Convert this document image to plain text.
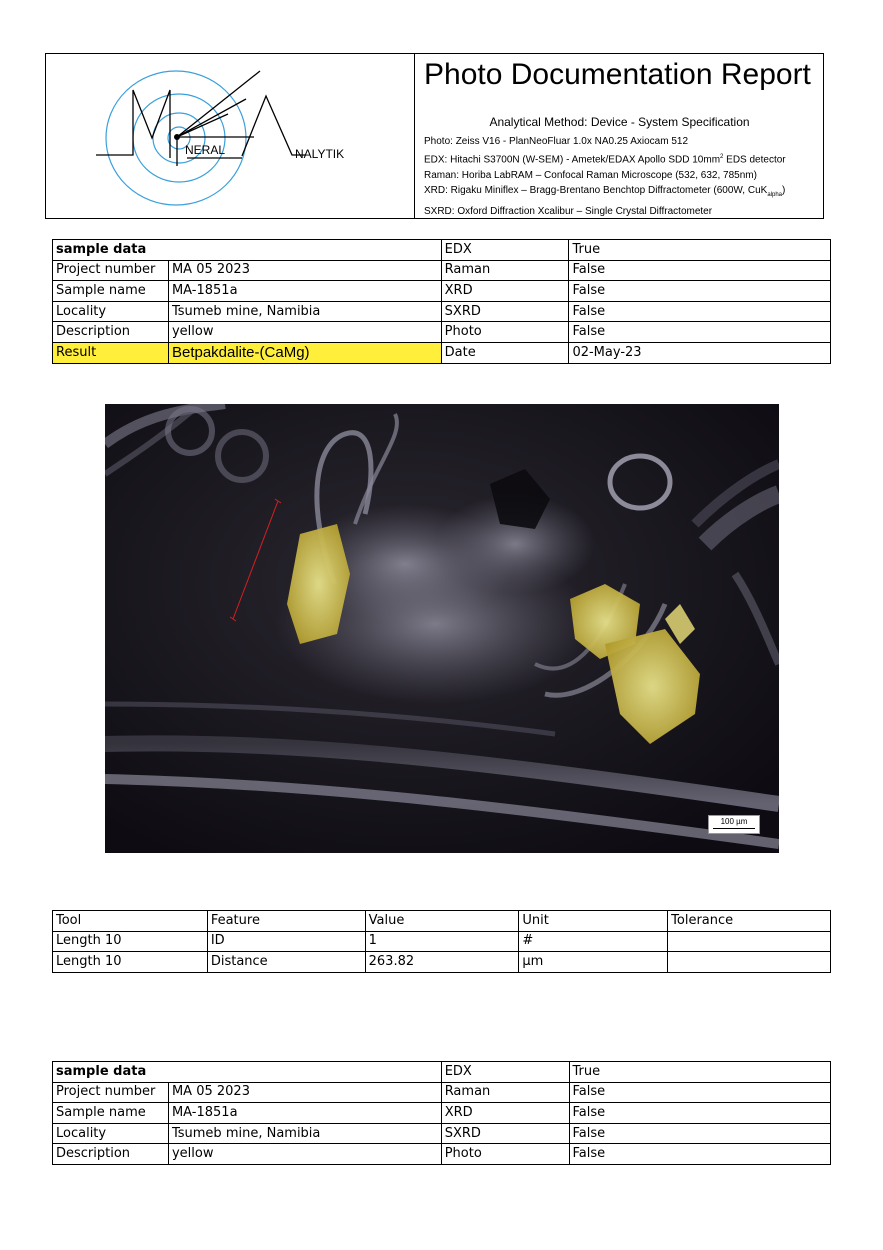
NERAL	NALYTIK
Photo Documentation Report
Analytical Method: Device - System Specification
Photo: Zeiss V16 - PlanNeoFluar 1.0x NA0.25 Axiocam 512
EDX: Hitachi S3700N (W-SEM) - Ametek/EDAX Apollo SDD $10mm^2$ EDS detector
Raman: Horiba LabRAM – Confocal Raman Microscope (532, 632, 785nm)
XRD: Rigaku Miniflex – Bragg-Brentano Benchtop Diffractometer (600W, CuK$_{alpha}$)
SXRD: Oxford Diffraction Xcalibur – Single Crystal Diffractometer
sample data		EDX	True
Project number	MA 05 2023	Raman	False
Sample name	MA-1851a	XRD	False
Locality	Tsumeb mine, Namibia	SXRD	False
Description	yellow	Photo	False
Result	Betpakdalite-(CaMg)	Date	02-May-23
100 µm
Tool	Feature	Value	Unit	Tolerance
Length 10	ID	1	#	
Length 10	Distance	263.82	µm	
sample data		EDX	True
Project number	MA 05 2023	Raman	False
Sample name	MA-1851a	XRD	False
Locality	Tsumeb mine, Namibia	SXRD	False
Description	yellow	Photo	False
